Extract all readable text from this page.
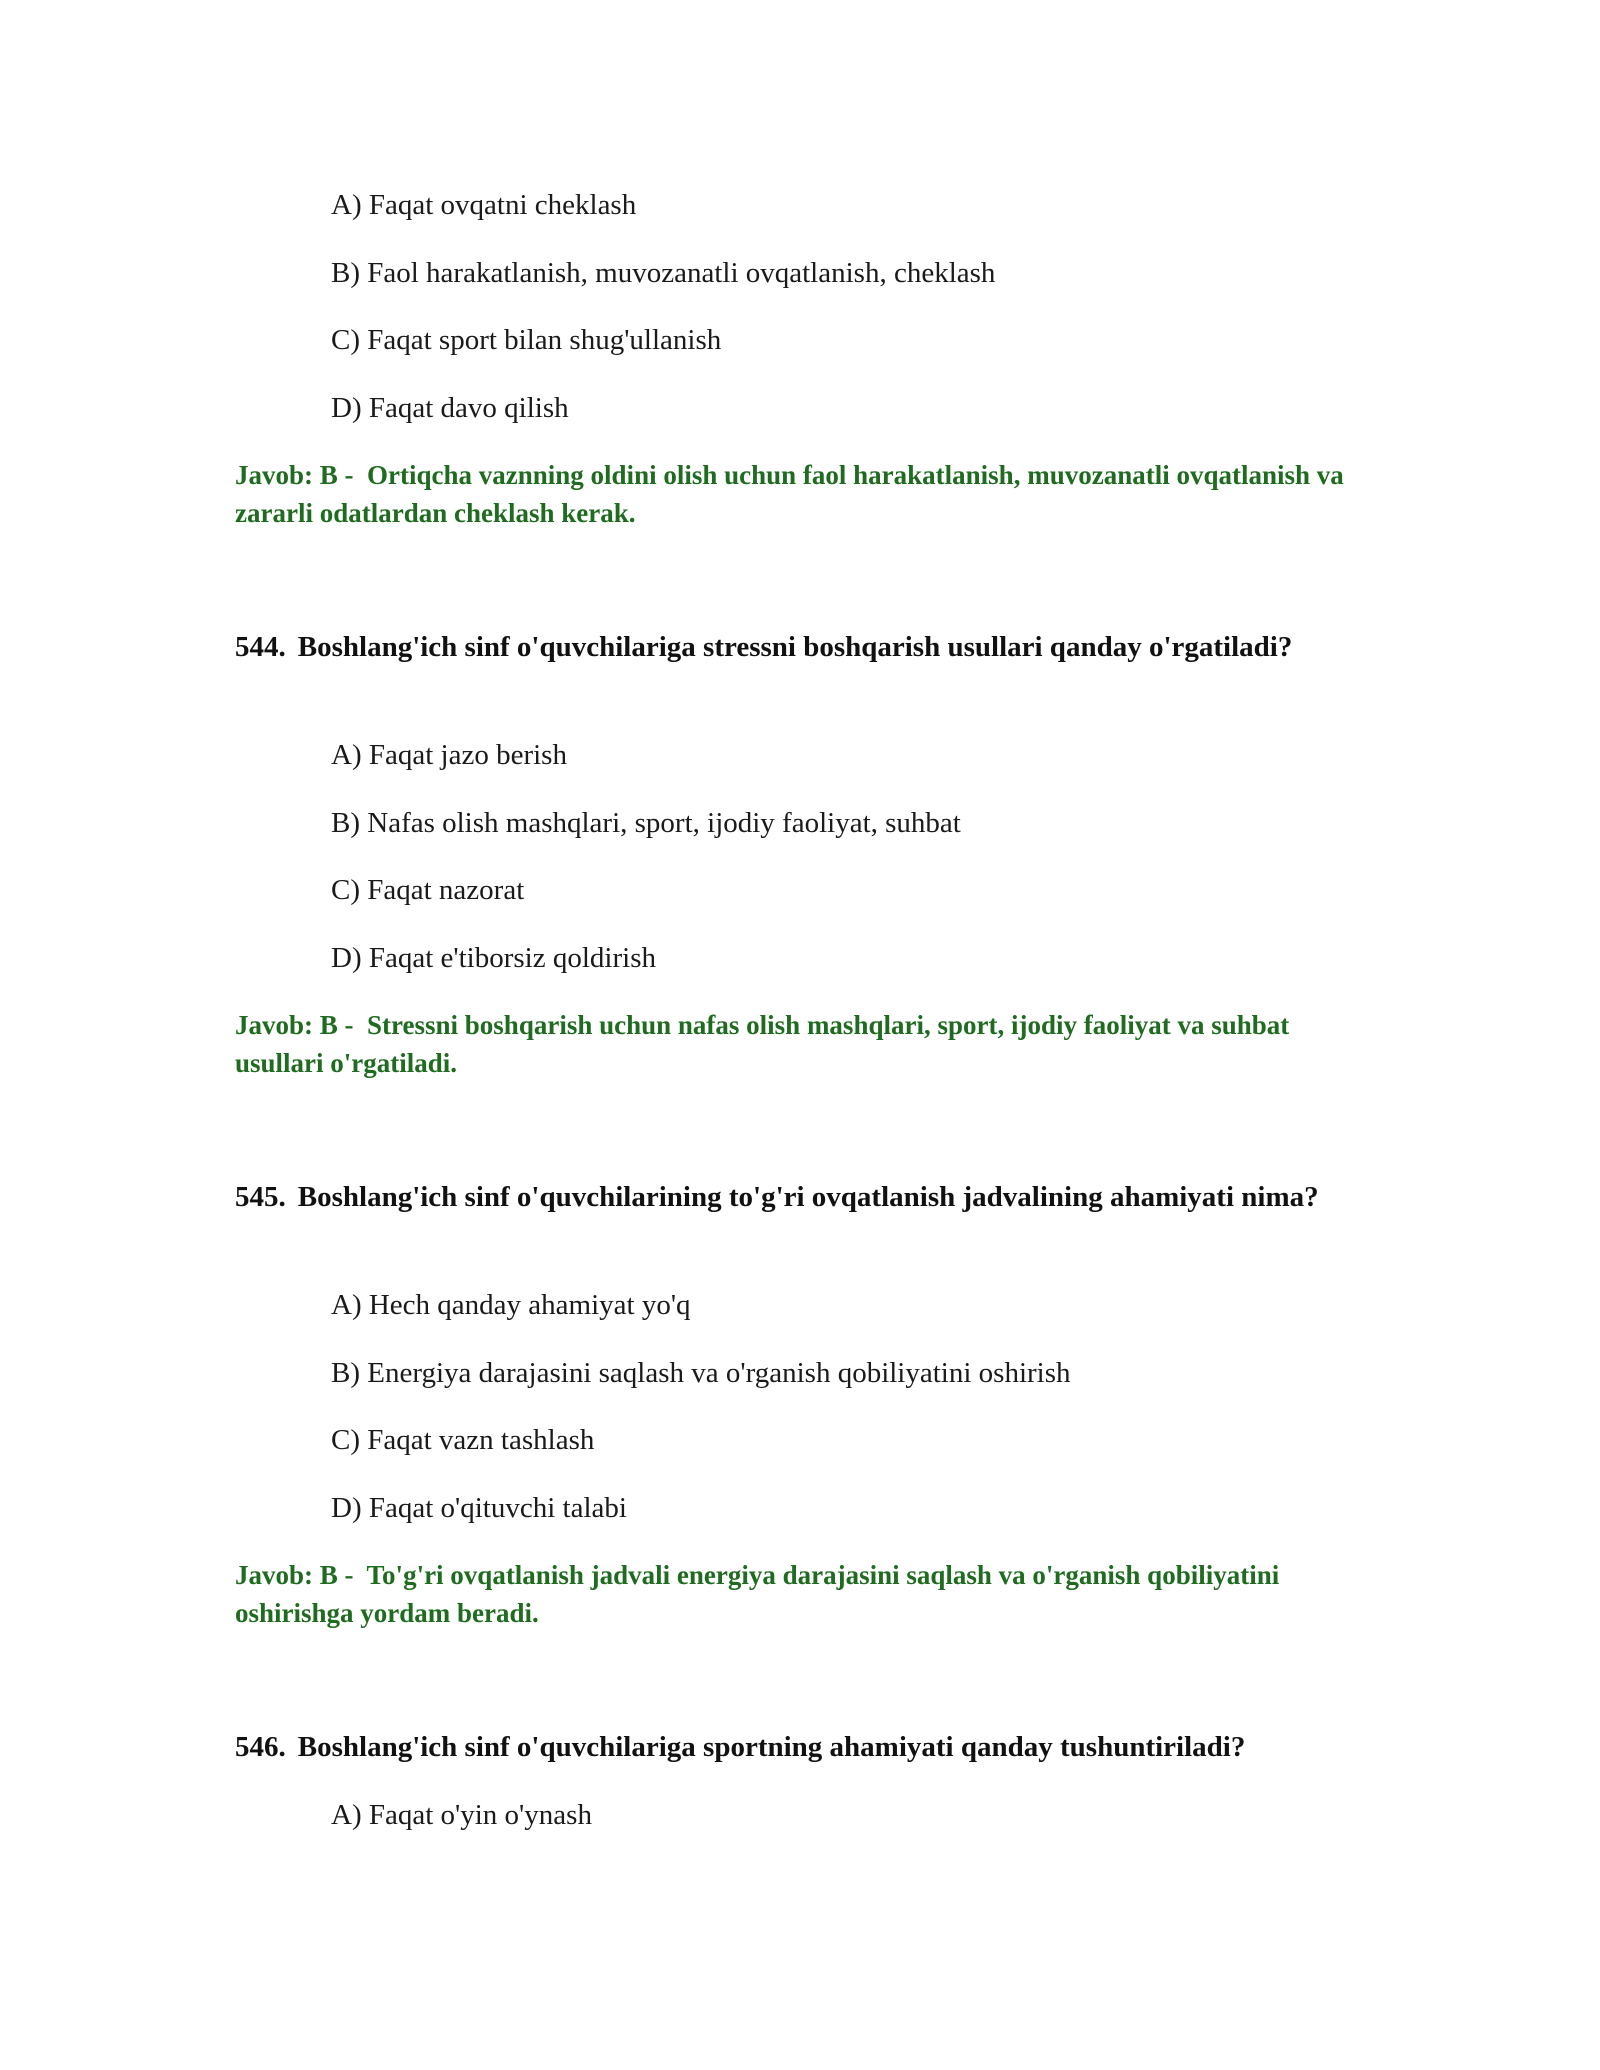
A) Faqat ovqatni cheklash
B) Faol harakatlanish, muvozanatli ovqatlanish, cheklash
C) Faqat sport bilan shug'ullanish
D) Faqat davo qilish
Javob: B - Ortiqcha vaznning oldini olish uchun faol harakatlanish, muvozanatli ovqatlanish va zararli odatlardan cheklash kerak.
544. Boshlang'ich sinf o'quvchilariga stressni boshqarish usullari qanday o'rgatiladi?
A) Faqat jazo berish
B) Nafas olish mashqlari, sport, ijodiy faoliyat, suhbat
C) Faqat nazorat
D) Faqat e'tiborsiz qoldirish
Javob: B - Stressni boshqarish uchun nafas olish mashqlari, sport, ijodiy faoliyat va suhbat usullari o'rgatiladi.
545. Boshlang'ich sinf o'quvchilarining to'g'ri ovqatlanish jadvalining ahamiyati nima?
A) Hech qanday ahamiyat yo'q
B) Energiya darajasini saqlash va o'rganish qobiliyatini oshirish
C) Faqat vazn tashlash
D) Faqat o'qituvchi talabi
Javob: B - To'g'ri ovqatlanish jadvali energiya darajasini saqlash va o'rganish qobiliyatini oshirishga yordam beradi.
546. Boshlang'ich sinf o'quvchilariga sportning ahamiyati qanday tushuntiriladi?
A) Faqat o'yin o'ynash
